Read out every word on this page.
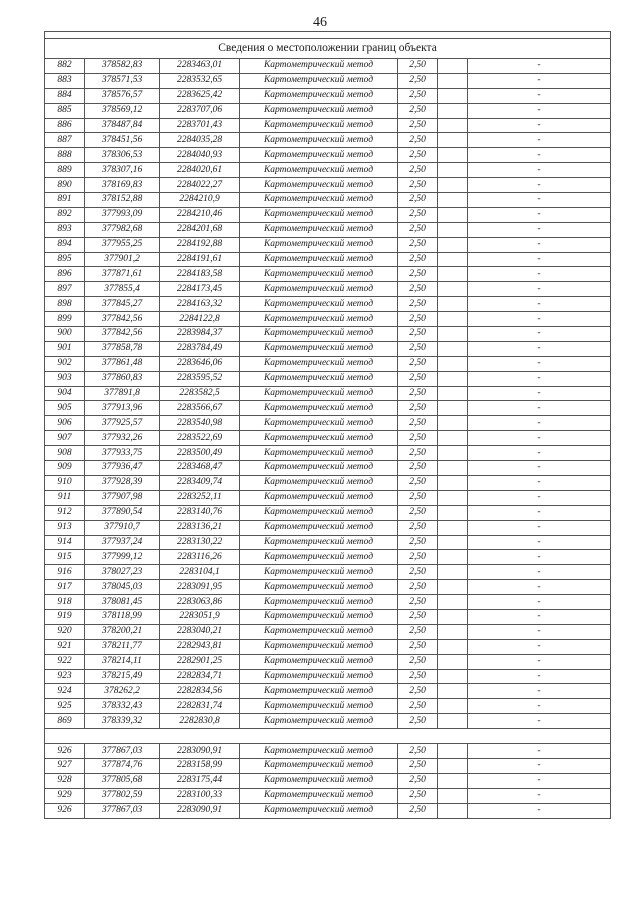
46

Сведения о местоположении границ объекта						
882	378582,83	2283463,01	Картометрический метод	2,50		-
883	378571,53	2283532,65	Картометрический метод	2,50		-
884	378576,57	2283625,42	Картометрический метод	2,50		-
885	378569,12	2283707,06	Картометрический метод	2,50		-
886	378487,84	2283701,43	Картометрический метод	2,50		-
887	378451,56	2284035,28	Картометрический метод	2,50		-
888	378306,53	2284040,93	Картометрический метод	2,50		-
889	378307,16	2284020,61	Картометрический метод	2,50		-
890	378169,83	2284022,27	Картометрический метод	2,50		-
891	378152,88	2284210,9	Картометрический метод	2,50		-
892	377993,09	2284210,46	Картометрический метод	2,50		-
893	377982,68	2284201,68	Картометрический метод	2,50		-
894	377955,25	2284192,88	Картометрический метод	2,50		-
895	377901,2	2284191,61	Картометрический метод	2,50		-
896	377871,61	2284183,58	Картометрический метод	2,50		-
897	377855,4	2284173,45	Картометрический метод	2,50		-
898	377845,27	2284163,32	Картометрический метод	2,50		-
899	377842,56	2284122,8	Картометрический метод	2,50		-
900	377842,56	2283984,37	Картометрический метод	2,50		-
901	377858,78	2283784,49	Картометрический метод	2,50		-
902	377861,48	2283646,06	Картометрический метод	2,50		-
903	377860,83	2283595,52	Картометрический метод	2,50		-
904	377891,8	2283582,5	Картометрический метод	2,50		-
905	377913,96	2283566,67	Картометрический метод	2,50		-
906	377925,57	2283540,98	Картометрический метод	2,50		-
907	377932,26	2283522,69	Картометрический метод	2,50		-
908	377933,75	2283500,49	Картометрический метод	2,50		-
909	377936,47	2283468,47	Картометрический метод	2,50		-
910	377928,39	2283409,74	Картометрический метод	2,50		-
911	377907,98	2283252,11	Картометрический метод	2,50		-
912	377890,54	2283140,76	Картометрический метод	2,50		-
913	377910,7	2283136,21	Картометрический метод	2,50		-
914	377937,24	2283130,22	Картометрический метод	2,50		-
915	377999,12	2283116,26	Картометрический метод	2,50		-
916	378027,23	2283104,1	Картометрический метод	2,50		-
917	378045,03	2283091,95	Картометрический метод	2,50		-
918	378081,45	2283063,86	Картометрический метод	2,50		-
919	378118,99	2283051,9	Картометрический метод	2,50		-
920	378200,21	2283040,21	Картометрический метод	2,50		-
921	378211,77	2282943,81	Картометрический метод	2,50		-
922	378214,11	2282901,25	Картометрический метод	2,50		-
923	378215,49	2282834,71	Картометрический метод	2,50		-
924	378262,2	2282834,56	Картометрический метод	2,50		-
925	378332,43	2282831,74	Картометрический метод	2,50		-
869	378339,32	2282830,8	Картометрический метод	2,50		-

926	377867,03	2283090,91	Картометрический метод	2,50		-
927	377874,76	2283158,99	Картометрический метод	2,50		-
928	377805,68	2283175,44	Картометрический метод	2,50		-
929	377802,59	2283100,33	Картометрический метод	2,50		-
926	377867,03	2283090,91	Картометрический метод	2,50		-
